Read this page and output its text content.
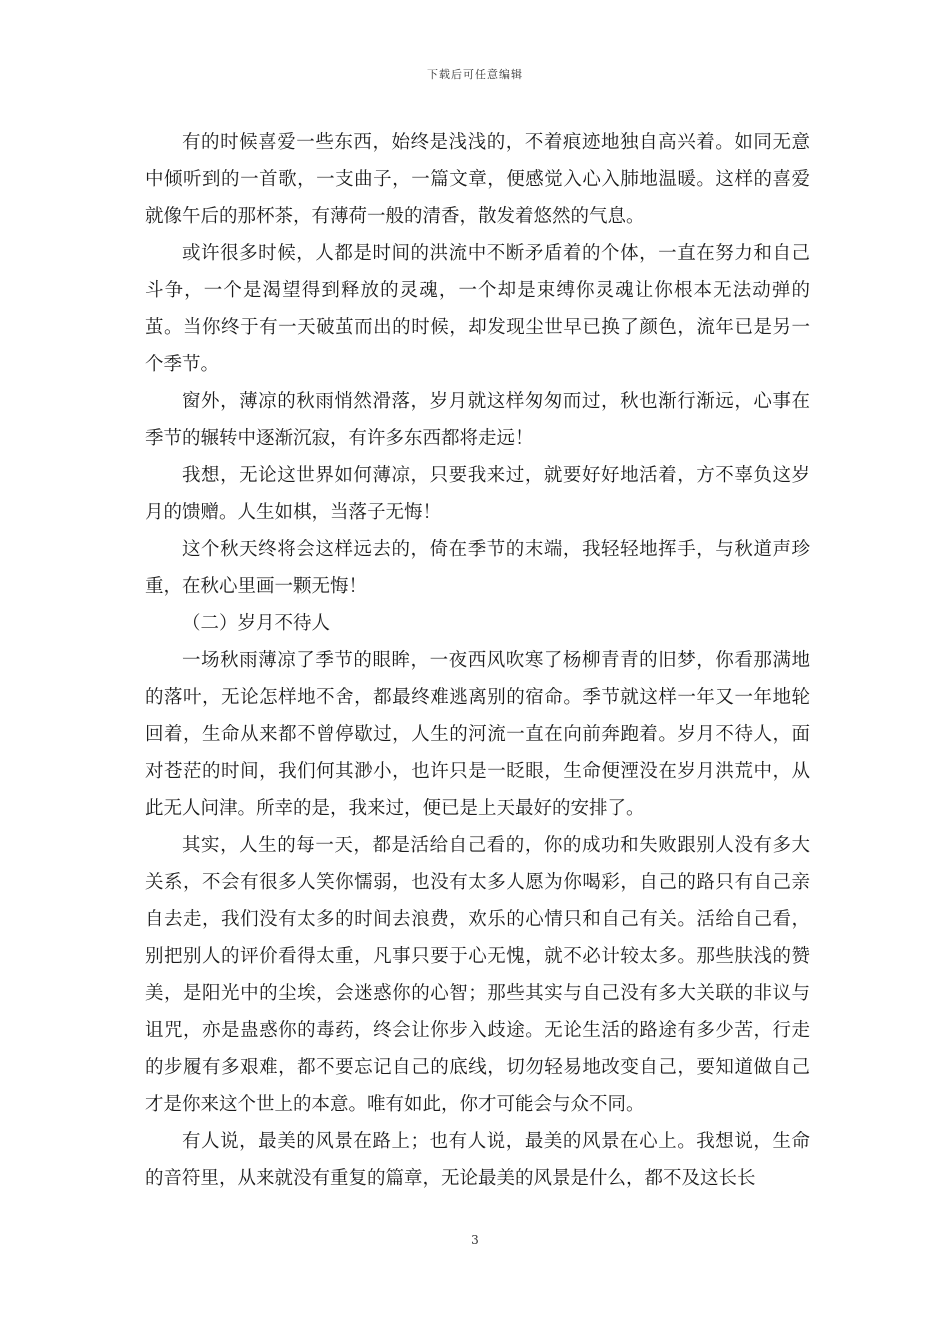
下载后可任意编辑

有的时候喜爱一些东西，始终是浅浅的，不着痕迹地独自高兴着。如同无意中倾听到的一首歌，一支曲子，一篇文章，便感觉入心入肺地温暖。这样的喜爱就像午后的那杯茶，有薄荷一般的清香，散发着悠然的气息。

或许很多时候，人都是时间的洪流中不断矛盾着的个体，一直在努力和自己斗争，一个是渴望得到释放的灵魂，一个却是束缚你灵魂让你根本无法动弹的茧。当你终于有一天破茧而出的时候，却发现尘世早已换了颜色，流年已是另一个季节。

窗外，薄凉的秋雨悄然滑落，岁月就这样匆匆而过，秋也渐行渐远，心事在季节的辗转中逐渐沉寂，有许多东西都将走远！

我想，无论这世界如何薄凉，只要我来过，就要好好地活着，方不辜负这岁月的馈赠。人生如棋，当落子无悔！

这个秋天终将会这样远去的，倚在季节的末端，我轻轻地挥手，与秋道声珍重，在秋心里画一颗无悔！

（二）岁月不待人

一场秋雨薄凉了季节的眼眸，一夜西风吹寒了杨柳青青的旧梦，你看那满地的落叶，无论怎样地不舍，都最终难逃离别的宿命。季节就这样一年又一年地轮回着，生命从来都不曾停歇过，人生的河流一直在向前奔跑着。岁月不待人，面对苍茫的时间，我们何其渺小，也许只是一眨眼，生命便湮没在岁月洪荒中，从此无人问津。所幸的是，我来过，便已是上天最好的安排了。

其实，人生的每一天，都是活给自己看的，你的成功和失败跟别人没有多大关系，不会有很多人笑你懦弱，也没有太多人愿为你喝彩，自己的路只有自己亲自去走，我们没有太多的时间去浪费，欢乐的心情只和自己有关。活给自己看，别把别人的评价看得太重，凡事只要于心无愧，就不必计较太多。那些肤浅的赞美，是阳光中的尘埃，会迷惑你的心智；那些其实与自己没有多大关联的非议与诅咒，亦是蛊惑你的毒药，终会让你步入歧途。无论生活的路途有多少苦，行走的步履有多艰难，都不要忘记自己的底线，切勿轻易地改变自己，要知道做自己才是你来这个世上的本意。唯有如此，你才可能会与众不同。

有人说，最美的风景在路上；也有人说，最美的风景在心上。我想说，生命的音符里，从来就没有重复的篇章，无论最美的风景是什么，都不及这长长

3
